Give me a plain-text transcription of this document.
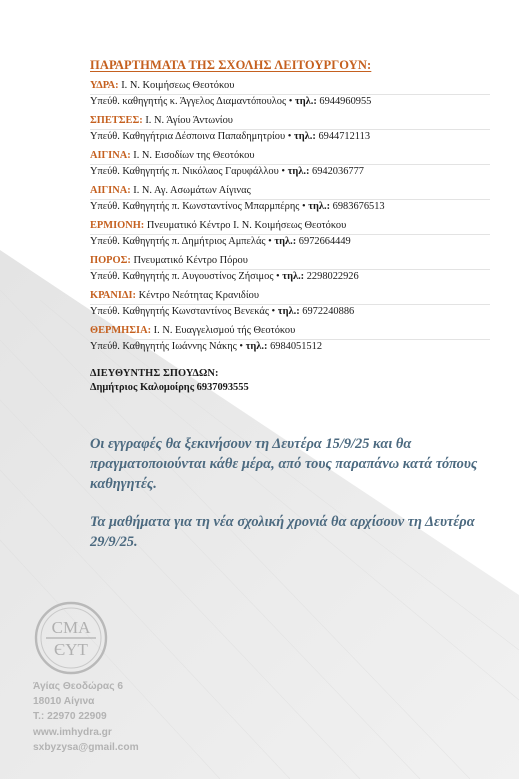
ΠΑΡΑΡΤΗΜΑΤΑ ΤΗΣ ΣΧΟΛΗΣ ΛΕΙΤΟΥΡΓΟΥΝ:
ΥΔΡΑ: Ι. Ν. Κοιμήσεως Θεοτόκου
Υπεύθ. καθηγητής κ. Άγγελος Διαμαντόπουλος • τηλ.: 6944960955
ΣΠΕΤΣΕΣ: Ι. Ν. Άγίου Άντωνίου
Υπεύθ. Καθηγήτρια Δέσποινα Παπαδημητρίου • τηλ.: 6944712113
ΑΙΓΙΝΑ: Ι. Ν. Εισοδίων της Θεοτόκου
Υπεύθ. Καθηγητής π. Νικόλαος Γαρυφάλλου • τηλ.: 6942036777
ΑΙΓΙΝΑ: Ι. Ν. Αγ. Ασωμάτων Αίγινας
Υπεύθ. Καθηγητής π. Κωνσταντίνος Μπαρμπέρης • τηλ.: 6983676513
ΕΡΜΙΟΝΗ: Πνευματικό Κέντρο Ι. Ν. Κοιμήσεως Θεοτόκου
Υπεύθ. Καθηγητής π. Δημήτριος Αμπελάς • τηλ.: 6972664449
ΠΟΡΟΣ: Πνευματικό Κέντρο Πόρου
Υπεύθ. Καθηγητής π. Αυγουστίνος Ζήσιμος • τηλ.: 2298022926
ΚΡΑΝΙΔΙ: Κέντρο Νεότητας Κρανιδίου
Υπεύθ. Καθηγητής Κωνσταντίνος Βενεκάς • τηλ.: 6972240886
ΘΕΡΜΗΣΙΑ: Ι. Ν. Ευαγγελισμού τής Θεοτόκου
Υπεύθ. Καθηγητής Ιωάννης Νάκης • τηλ.: 6984051512
ΔΙΕΥΘΥΝΤΗΣ ΣΠΟΥΔΩΝ:
Δημήτριος Καλομοίρης 6937093555

Οι εγγραφές θα ξεκινήσουν τη Δευτέρα 15/9/25 και θα πραγματοποιούνται κάθε μέρα, από τους παραπάνω κατά τόπους καθηγητές.

Τα μαθήματα για τη νέα σχολική χρονιά θα αρχίσουν τη Δευτέρα 29/9/25.

СМА
ЄΥΤ
Άγίας Θεοδώρας 6
18010 Αίγινα
Τ.: 22970 22909
www.imhydra.gr
sxbyzysa@gmail.com
